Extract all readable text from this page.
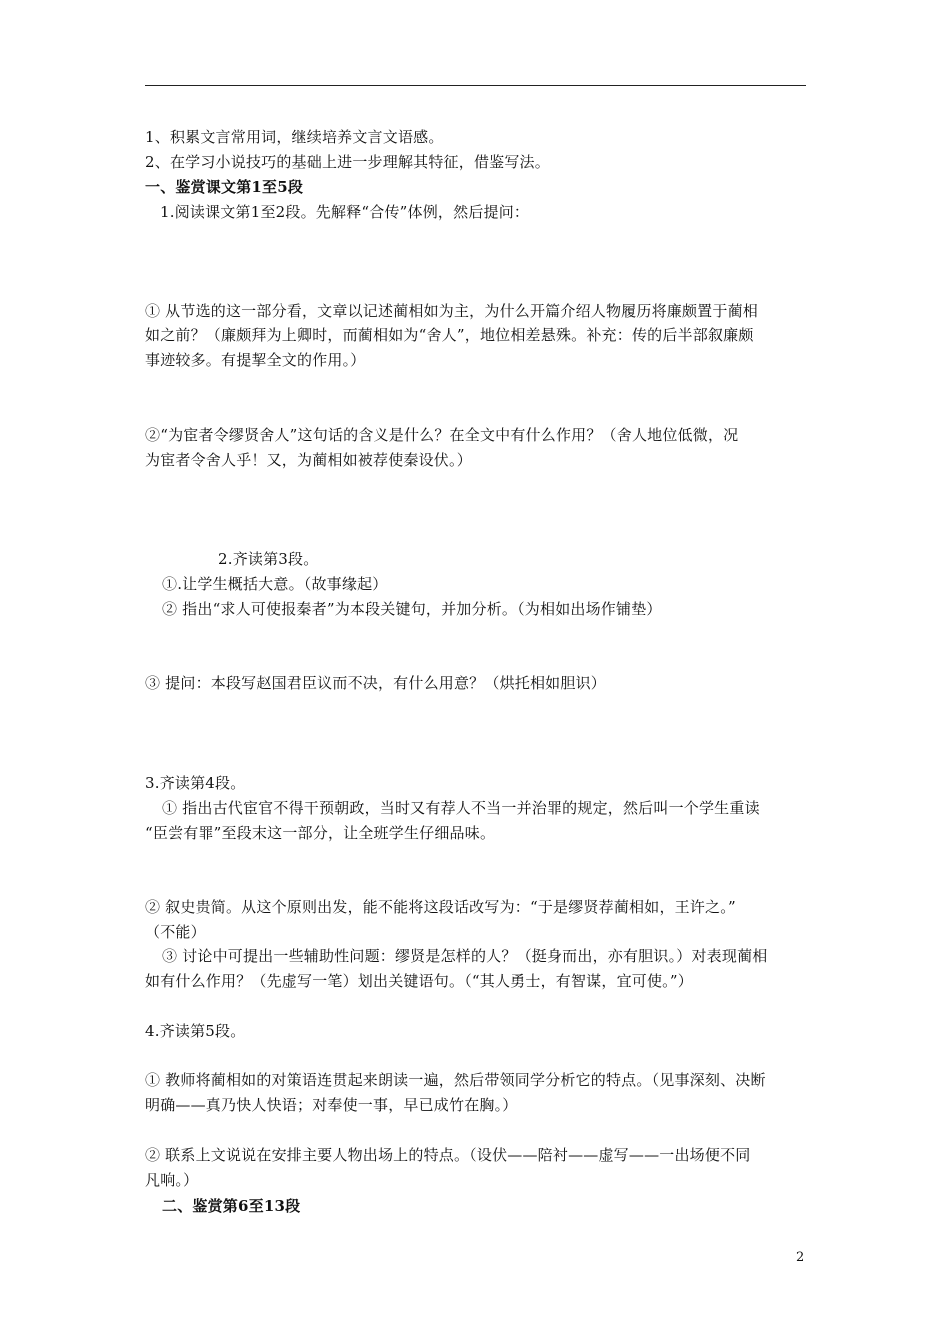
1、积累文言常用词，继续培养文言文语感。
2、在学习小说技巧的基础上进一步理解其特征，借鉴写法。
一、鉴赏课文第1至5段
1.阅读课文第1至2段。先解释“合传”体例，然后提问：
① 从节选的这一部分看，文章以记述蔺相如为主，为什么开篇介绍人物履历将廉颇置于蔺相
如之前？（廉颇拜为上卿时，而蔺相如为“舍人”，地位相差悬殊。补充：传的后半部叙廉颇
事迹较多。有提挈全文的作用。）
②“为宦者令缪贤舍人”这句话的含义是什么？在全文中有什么作用？（舍人地位低微，况
为宦者令舍人乎！又，为蔺相如被荐使秦设伏。）
2.齐读第3段。
①.让学生概括大意。（故事缘起）
② 指出“求人可使报秦者”为本段关键句，并加分析。（为相如出场作铺垫）
③ 提问：本段写赵国君臣议而不决，有什么用意？（烘托相如胆识）
3.齐读第4段。
① 指出古代宦官不得干预朝政，当时又有荐人不当一并治罪的规定，然后叫一个学生重读
“臣尝有罪”至段末这一部分，让全班学生仔细品味。
② 叙史贵简。从这个原则出发，能不能将这段话改写为：“于是缪贤荐蔺相如，王许之。”
（不能）
③ 讨论中可提出一些辅助性问题：缪贤是怎样的人？（挺身而出，亦有胆识。）对表现蔺相
如有什么作用？（先虚写一笔）划出关键语句。（“其人勇士，有智谋，宜可使。”）
4.齐读第5段。
① 教师将蔺相如的对策语连贯起来朗读一遍，然后带领同学分析它的特点。（见事深刻、决断
明确——真乃快人快语；对奉使一事，早已成竹在胸。）
② 联系上文说说在安排主要人物出场上的特点。（设伏——陪衬——虚写——一出场便不同
凡响。）
二、鉴赏第6至13段
2
